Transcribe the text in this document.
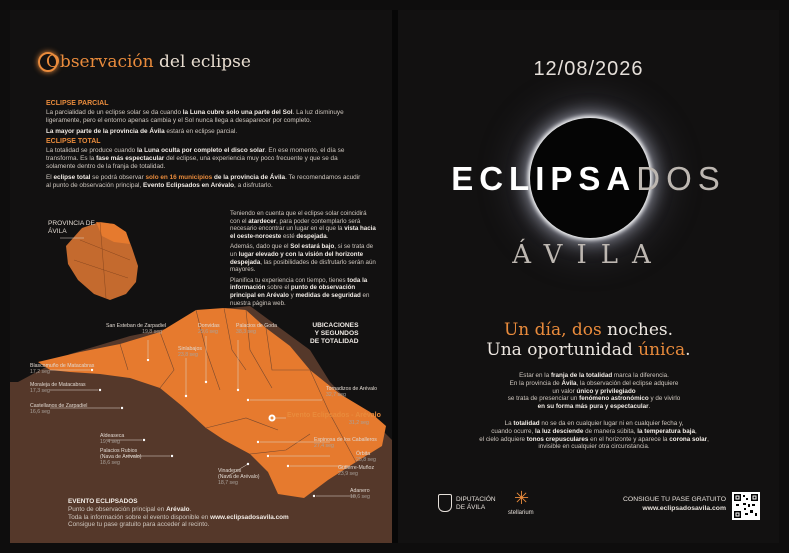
Observación del eclipse
ECLIPSE PARCIAL

La parcialidad de un eclipse solar se da cuando la Luna cubre solo una parte del Sol. La luz disminuye ligeramente, pero el entorno apenas cambia y el Sol nunca llega a desaparecer por completo.

La mayor parte de la provincia de Ávila estará en eclipse parcial.

ECLIPSE TOTAL

La totalidad se produce cuando la Luna oculta por completo el disco solar. En ese momento, el día se transforma. Es la fase más espectacular del eclipse, una experiencia muy poco frecuente y que se da solamente dentro de la franja de totalidad.

El eclipse total se podrá observar solo en 16 municipios de la provincia de Ávila. Te recomendamos acudir al punto de observación principal, Evento Eclipsados en Arévalo, a disfrutarlo.

PROVINCIA DE
ÁVILA

Teniendo en cuenta que el eclipse solar coincidirá con el atardecer, para poder contemplarlo será necesario encontrar un lugar en el que la vista hacia el oeste-noroeste esté despejada.

Además, dado que el Sol estará bajo, si se trata de un lugar elevado y con la visión del horizonte despejada, las posibilidades de disfrutarlo serán aún mayores.

Planifica tu experiencia con tiempo, tienes toda la información sobre el punto de observación principal en Arévalo y medidas de seguridad en nuestra página web.

UBICACIONES
Y SEGUNDOS
DE TOTALIDAD
San Esteban de Zarpadiel
19,8 seg
Donvidas
29,6 seg
Palacios de Goda
38,3 seg
Sinlabajos
23,8 seg
Blascomuño de Matacabras
17,2 seg
Moraleja de Matacabras
17,3 seg
Castellanos de Zarpadiel
16,6 seg
Tornadizos de Arévalo
32,7 seg
Evento Eclipsados - Arévalo
31,2 seg
Aldeaseca
19,4 seg	Espinosa de los Caballeros
27,4 seg
Palacios Rubios
(Nava de Arévalo)
18,6 seg
Órbita
25,8 seg
Gutierre-Muñoz
23,9 seg
Vinaderos
(Nava de Arévalo)
18,7 seg
Adanero
18,6 seg
EVENTO ECLIPSADOS
Punto de observación principal en Arévalo.
Toda la información sobre el evento disponible en www.eclipsadosavila.com
Consigue tu pase gratuito para acceder al recinto.
12/08/2026
ECLIPSADOS
ÁVILA
Un día, dos noches.
Una oportunidad única.
Estar en la franja de la totalidad marca la diferencia.
En la provincia de Ávila, la observación del eclipse adquiere
un valor único y privilegiado
se trata de presenciar un fenómeno astronómico y de vivirlo
en su forma más pura y espectacular.
La totalidad no se da en cualquier lugar ni en cualquier fecha y,
cuando ocurre, la luz desciende de manera súbita, la temperatura baja,
el cielo adquiere tonos crepusculares en el horizonte y aparece la corona solar,
invisible en cualquier otra circunstancia.
DIPUTACIÓN
DE ÁVILA	✳
stellarium
CONSIGUE TU PASE GRATUITO
www.eclipsadosavila.com
